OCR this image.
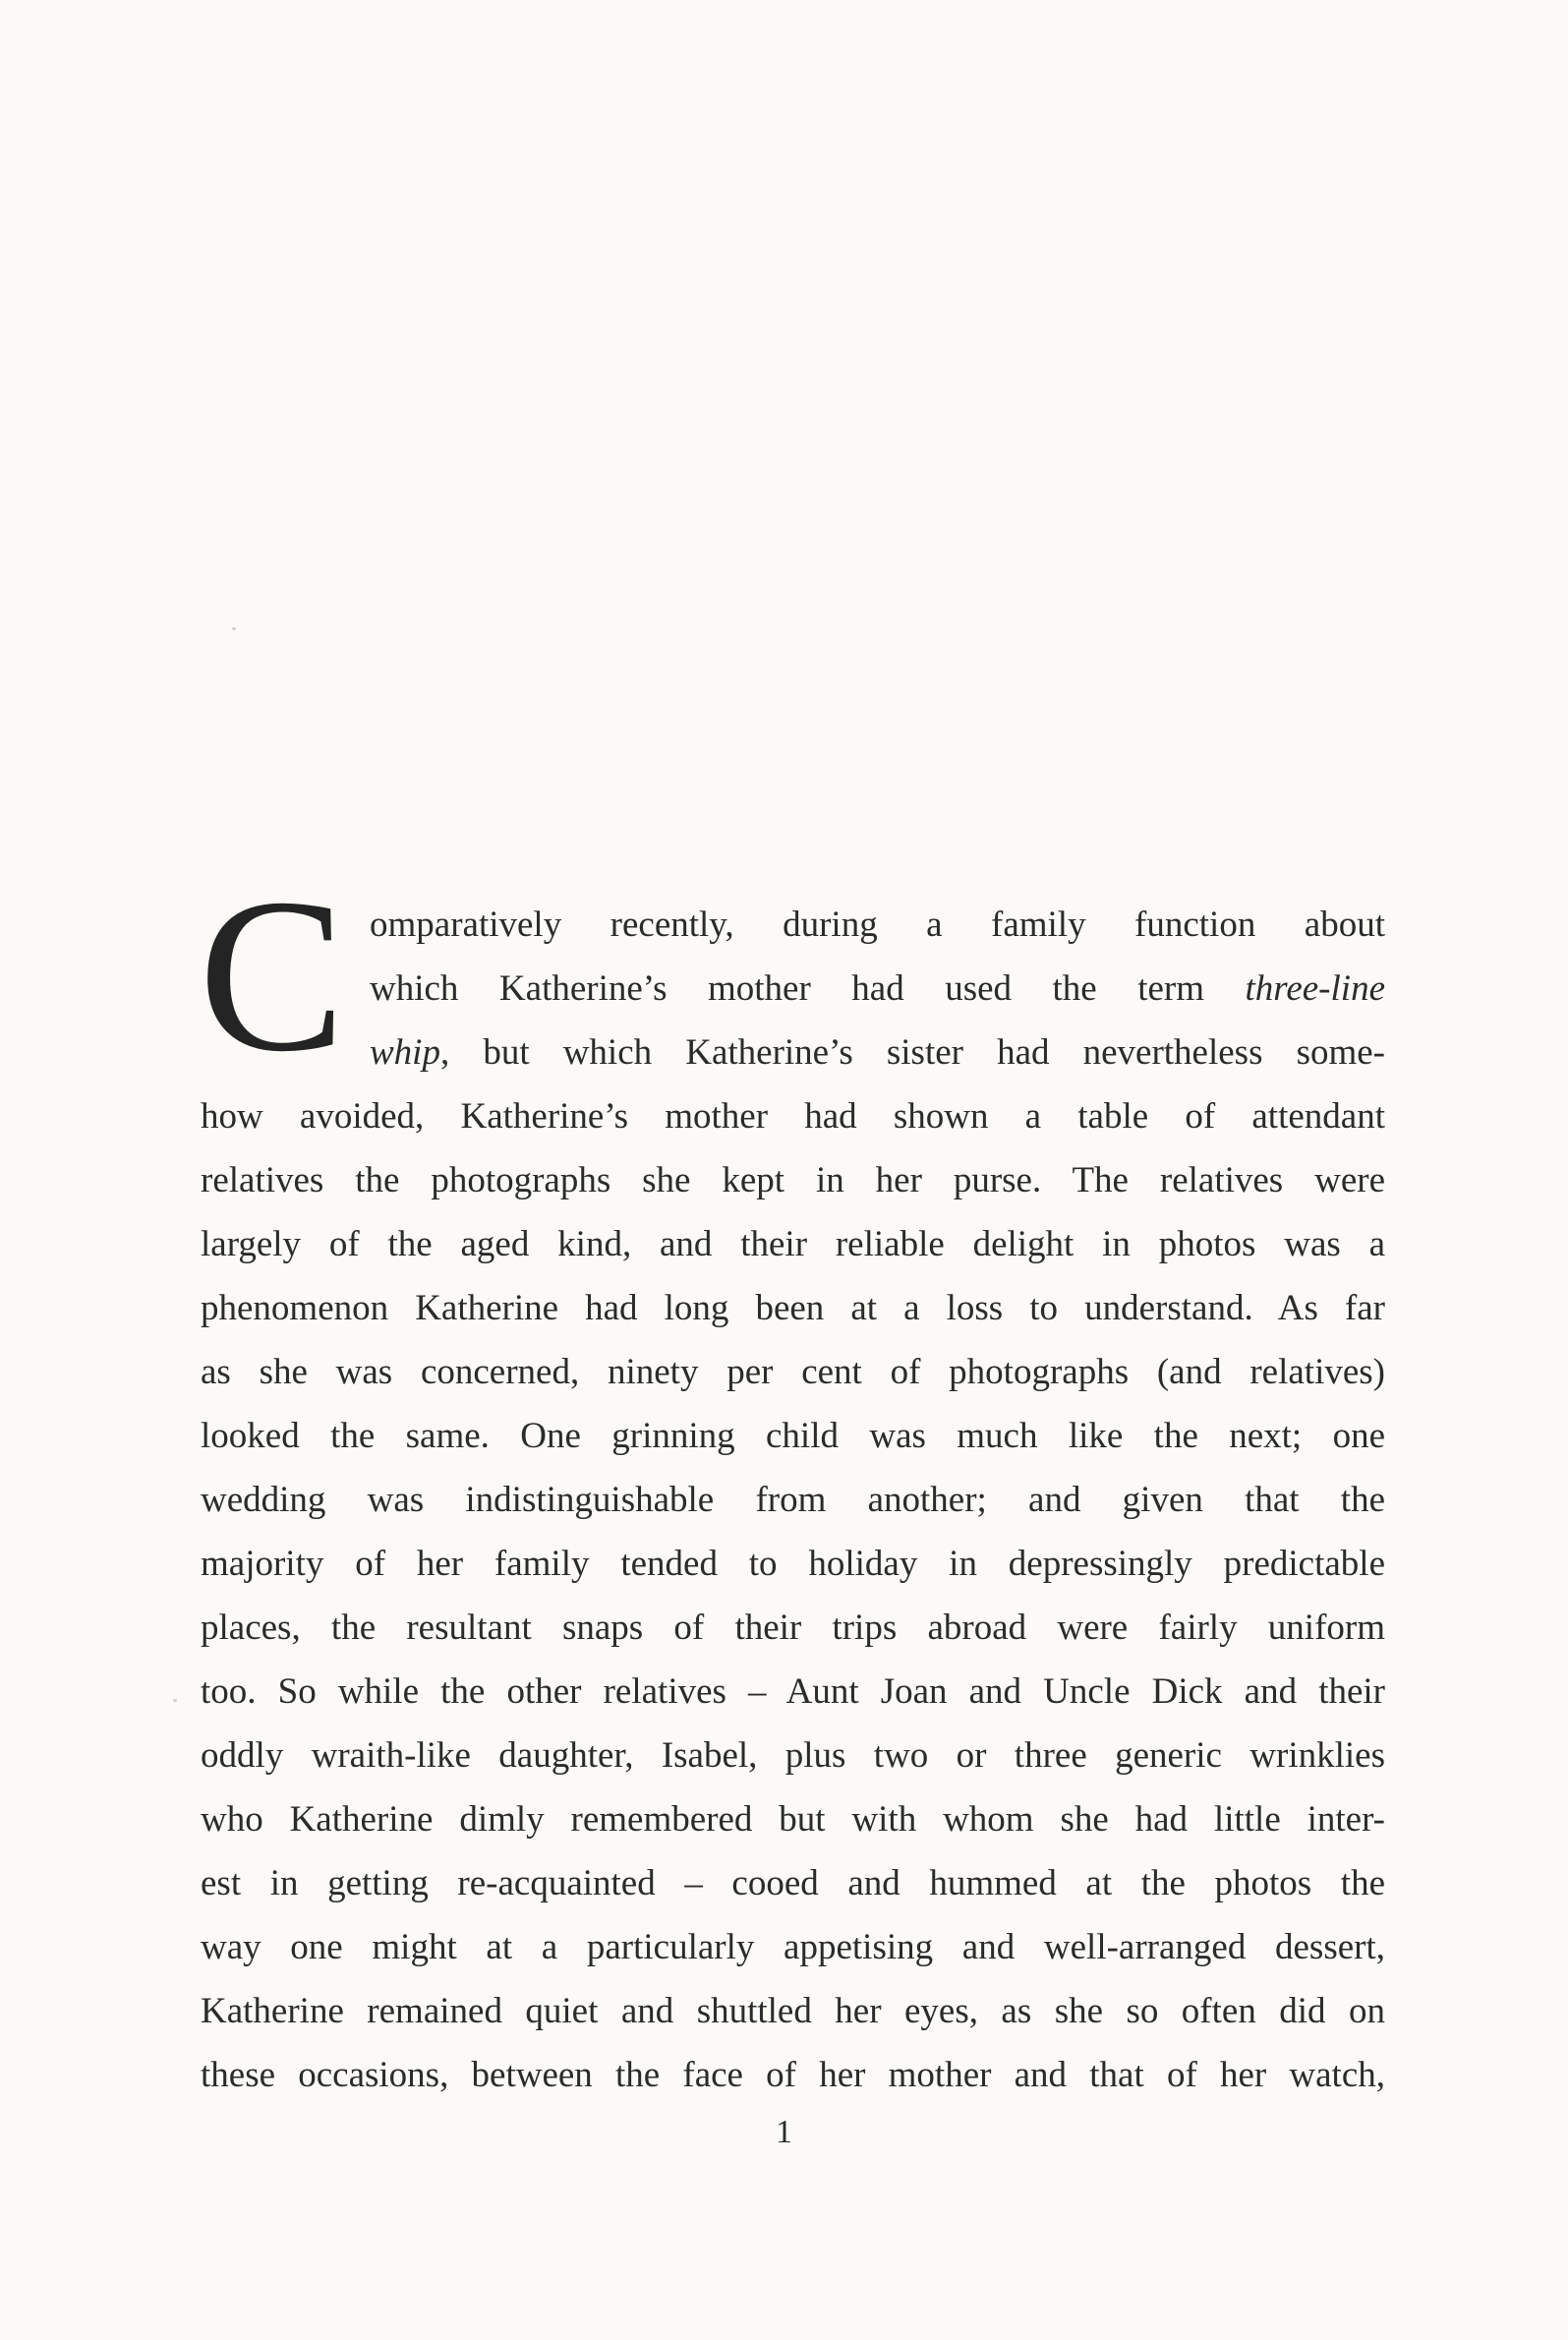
C omparatively recently, during a family function about
which Katherine’s mother had used the term three-line
whip, but which Katherine’s sister had nevertheless some-
how avoided, Katherine’s mother had shown a table of attendant
relatives the photographs she kept in her purse. The relatives were
largely of the aged kind, and their reliable delight in photos was a
phenomenon Katherine had long been at a loss to understand. As far
as she was concerned, ninety per cent of photographs (and relatives)
looked the same. One grinning child was much like the next; one
wedding was indistinguishable from another; and given that the
majority of her family tended to holiday in depressingly predictable
places, the resultant snaps of their trips abroad were fairly uniform
too. So while the other relatives – Aunt Joan and Uncle Dick and their
oddly wraith-like daughter, Isabel, plus two or three generic wrinklies
who Katherine dimly remembered but with whom she had little inter-
est in getting re-acquainted – cooed and hummed at the photos the
way one might at a particularly appetising and well-arranged dessert,
Katherine remained quiet and shuttled her eyes, as she so often did on
these occasions, between the face of her mother and that of her watch,
1
